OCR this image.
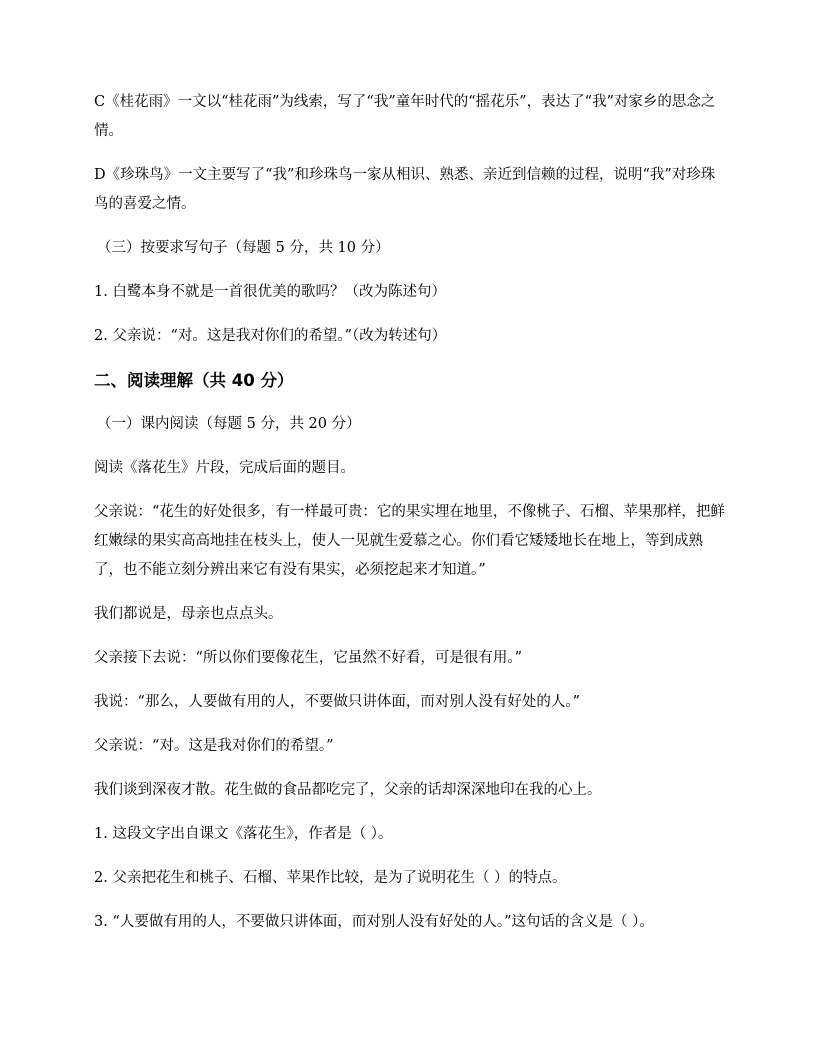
C《桂花雨》一文以“桂花雨”为线索，写了“我”童年时代的“摇花乐”，表达了“我”对家乡的思念之情。

D《珍珠鸟》一文主要写了“我”和珍珠鸟一家从相识、熟悉、亲近到信赖的过程，说明“我”对珍珠鸟的喜爱之情。

（三）按要求写句子（每题 5 分，共 10 分）

1. 白鹭本身不就是一首很优美的歌吗？（改为陈述句）

2. 父亲说：“对。这是我对你们的希望。”（改为转述句）

二、阅读理解（共 40 分）

（一）课内阅读（每题 5 分，共 20 分）

阅读《落花生》片段，完成后面的题目。

父亲说：“花生的好处很多，有一样最可贵：它的果实埋在地里，不像桃子、石榴、苹果那样，把鲜红嫩绿的果实高高地挂在枝头上，使人一见就生爱慕之心。你们看它矮矮地长在地上，等到成熟了，也不能立刻分辨出来它有没有果实，必须挖起来才知道。”

我们都说是，母亲也点点头。

父亲接下去说：“所以你们要像花生，它虽然不好看，可是很有用。”

我说：“那么，人要做有用的人，不要做只讲体面，而对别人没有好处的人。”

父亲说：“对。这是我对你们的希望。”

我们谈到深夜才散。花生做的食品都吃完了，父亲的话却深深地印在我的心上。

1. 这段文字出自课文《落花生》，作者是（ ）。

2. 父亲把花生和桃子、石榴、苹果作比较，是为了说明花生（ ）的特点。

3. “人要做有用的人，不要做只讲体面，而对别人没有好处的人。”这句话的含义是（ ）。
